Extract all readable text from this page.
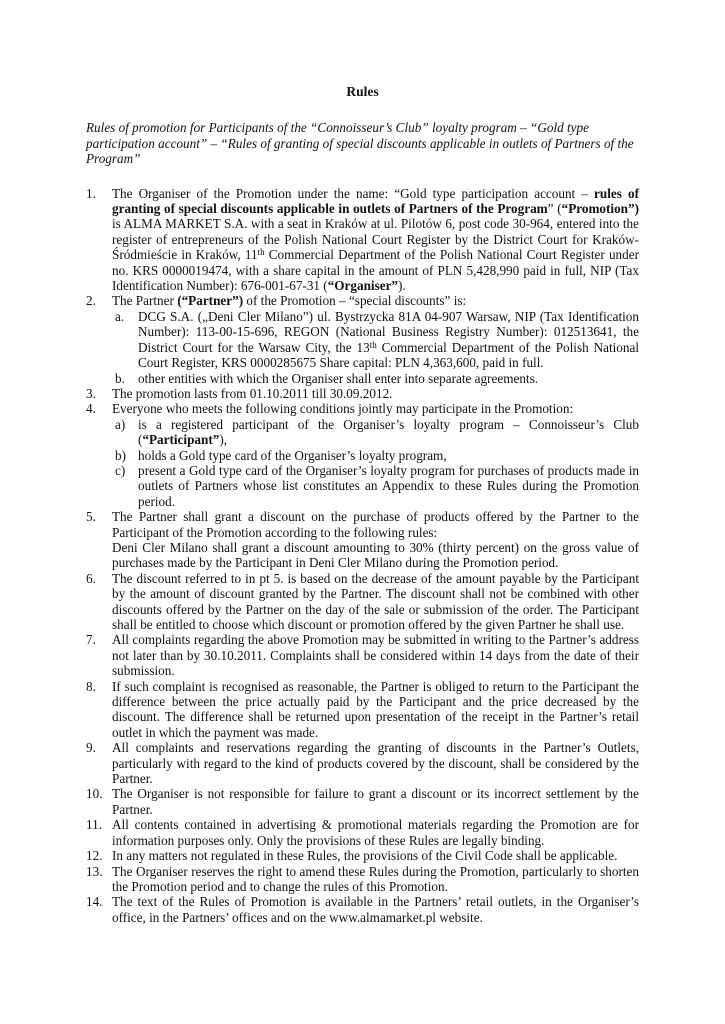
Rules
Rules of promotion for Participants of the “Connoisseur’s Club” loyalty program – “Gold type participation account” – “Rules of granting of special discounts applicable in outlets of Partners of the Program”
1. The Organiser of the Promotion under the name: “Gold type participation account – rules of granting of special discounts applicable in outlets of Partners of the Program” (“Promotion”) is ALMA MARKET S.A. with a seat in Kraków at ul. Pilotów 6, post code 30-964, entered into the register of entrepreneurs of the Polish National Court Register by the District Court for Kraków-Śródmieście in Kraków, 11th Commercial Department of the Polish National Court Register under no. KRS 0000019474, with a share capital in the amount of PLN 5,428,990 paid in full, NIP (Tax Identification Number): 676-001-67-31 (“Organiser”).
2. The Partner (“Partner”) of the Promotion – “special discounts” is:
a. DCG S.A. („Deni Cler Milano”) ul. Bystrzycka 81A 04-907 Warsaw, NIP (Tax Identification Number): 113-00-15-696, REGON (National Business Registry Number): 012513641, the District Court for the Warsaw City, the 13th Commercial Department of the Polish National Court Register, KRS 0000285675 Share capital: PLN 4,363,600, paid in full.
b. other entities with which the Organiser shall enter into separate agreements.
3. The promotion lasts from 01.10.2011 till 30.09.2012.
4. Everyone who meets the following conditions jointly may participate in the Promotion:
a) is a registered participant of the Organiser’s loyalty program – Connoisseur’s Club (“Participant”),
b) holds a Gold type card of the Organiser’s loyalty program,
c) present a Gold type card of the Organiser’s loyalty program for purchases of products made in outlets of Partners whose list constitutes an Appendix to these Rules during the Promotion period.
5. The Partner shall grant a discount on the purchase of products offered by the Partner to the Participant of the Promotion according to the following rules:
Deni Cler Milano shall grant a discount amounting to 30% (thirty percent) on the gross value of purchases made by the Participant in Deni Cler Milano during the Promotion period.
6. The discount referred to in pt 5. is based on the decrease of the amount payable by the Participant by the amount of discount granted by the Partner. The discount shall not be combined with other discounts offered by the Partner on the day of the sale or submission of the order. The Participant shall be entitled to choose which discount or promotion offered by the given Partner he shall use.
7. All complaints regarding the above Promotion may be submitted in writing to the Partner’s address not later than by 30.10.2011. Complaints shall be considered within 14 days from the date of their submission.
8. If such complaint is recognised as reasonable, the Partner is obliged to return to the Participant the difference between the price actually paid by the Participant and the price decreased by the discount. The difference shall be returned upon presentation of the receipt in the Partner’s retail outlet in which the payment was made.
9. All complaints and reservations regarding the granting of discounts in the Partner’s Outlets, particularly with regard to the kind of products covered by the discount, shall be considered by the Partner.
10. The Organiser is not responsible for failure to grant a discount or its incorrect settlement by the Partner.
11. All contents contained in advertising & promotional materials regarding the Promotion are for information purposes only. Only the provisions of these Rules are legally binding.
12. In any matters not regulated in these Rules, the provisions of the Civil Code shall be applicable.
13. The Organiser reserves the right to amend these Rules during the Promotion, particularly to shorten the Promotion period and to change the rules of this Promotion.
14. The text of the Rules of Promotion is available in the Partners’ retail outlets, in the Organiser’s office, in the Partners’ offices and on the www.almamarket.pl website.
